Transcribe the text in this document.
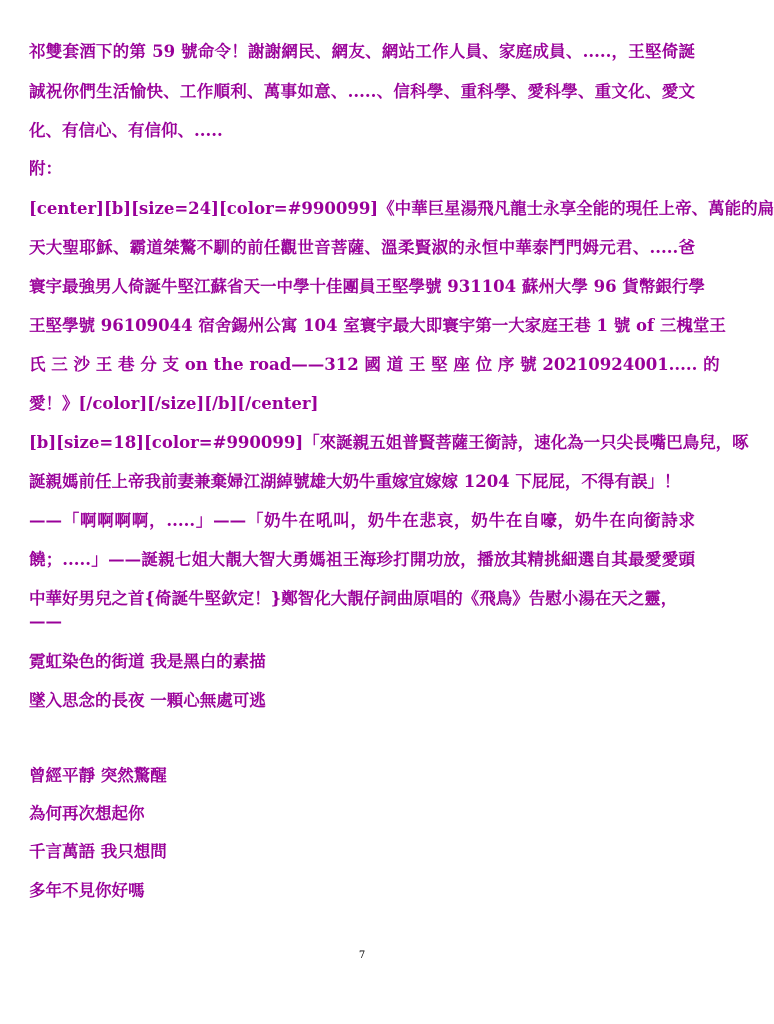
祁雙套酒下的第 59 號命令！謝謝網民、網友、網站工作人員、家庭成員、.....，王堅倚誕
誠祝你們生活愉快、工作順利、萬事如意、.....、信科學、重科學、愛科學、重文化、愛文
化、有信心、有信仰、.....
附：
[center][b][size=24][color=#990099]《中華巨星湯飛凡龍士永享全能的現任上帝、萬能的扁
天大聖耶穌、霸道桀驁不馴的前任觀世音菩薩、溫柔賢淑的永恒中華泰鬥門姆元君、.....爸
寰宇最強男人倚誕牛堅江蘇省天一中學十佳團員王堅學號 931104 蘇州大學 96 貨幣銀行學
王堅學號 96109044 宿舍錫州公寓 104 室寰宇最大即寰宇第一大家庭王巷 1 號 of 三槐堂王
氏 三 沙 王 巷 分 支 on the road——312 國 道 王 堅 座 位 序 號 20210924001..... 的
愛！》[/color][/size][/b][/center]
[b][size=18][color=#990099]「來誕親五姐普賢菩薩王銜詩，速化為一只尖長嘴巴鳥兒，啄
誕親媽前任上帝我前妻兼棄婦江湖綽號雄大奶牛重嫁宜嫁嫁 1204 下屁屁，不得有誤」！
——「啊啊啊啊，.....」——「奶牛在吼叫，奶牛在悲哀，奶牛在自嚎，奶牛在向銜詩求
饒；.....」——誕親七姐大靚大智大勇媽祖王海珍打開功放，播放其精挑細選自其最愛愛頭
中華好男兒之首{倚誕牛堅欽定！}鄭智化大靚仔詞曲原唱的《飛鳥》告慰小湯在天之靈，
——
霓虹染色的街道 我是黑白的素描
墜入思念的長夜 一顆心無處可逃
曾經平靜 突然驚醒
為何再次想起你
千言萬語 我只想問
多年不見你好嗎
7
